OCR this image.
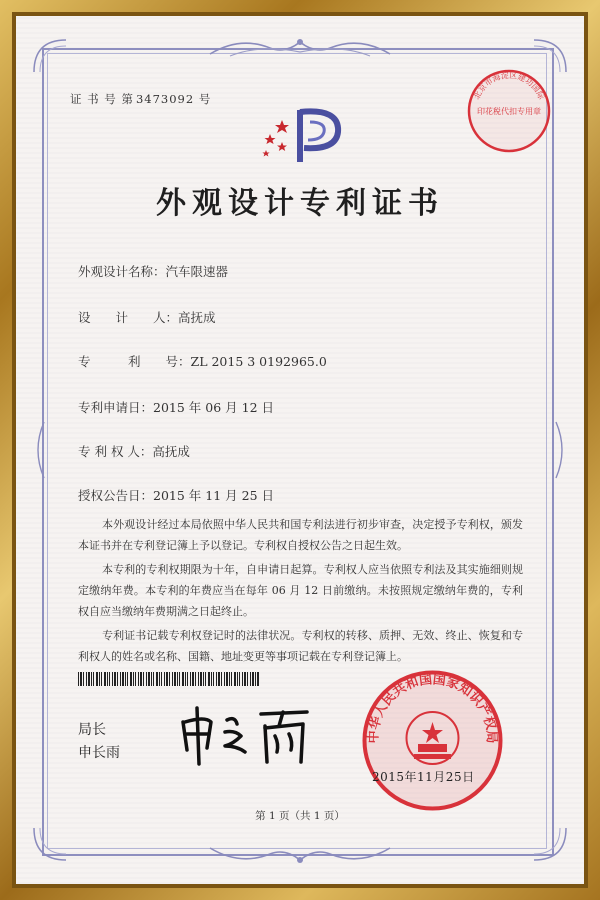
证 书 号 第 3473092 号
外观设计专利证书
外观设计名称：汽车限速器
设　　计　　人：高抚成
专　　　利　　号：ZL 2015 3 0192965.0
专利申请日：2015 年 06 月 12 日
专 利 权 人：高抚成
授权公告日：2015 年 11 月 25 日

本外观设计经过本局依照中华人民共和国专利法进行初步审查，决定授予专利权，颁发本证书并在专利登记簿上予以登记。专利权自授权公告之日起生效。

本专利的专利权期限为十年，自申请日起算。专利权人应当依照专利法及其实施细则规定缴纳年费。本专利的年费应当在每年 06 月 12 日前缴纳。未按照规定缴纳年费的，专利权自应当缴纳年费期满之日起终止。

专利证书记载专利权登记时的法律状况。专利权的转移、质押、无效、终止、恢复和专利权人的姓名或名称、国籍、地址变更等事项记载在专利登记簿上。

局长
申长雨
中华人民共和国国家知识产权局
2015年11月25日
北京市海淀区建功国际
印花税代扣专用章
第 1 页（共 1 页）
